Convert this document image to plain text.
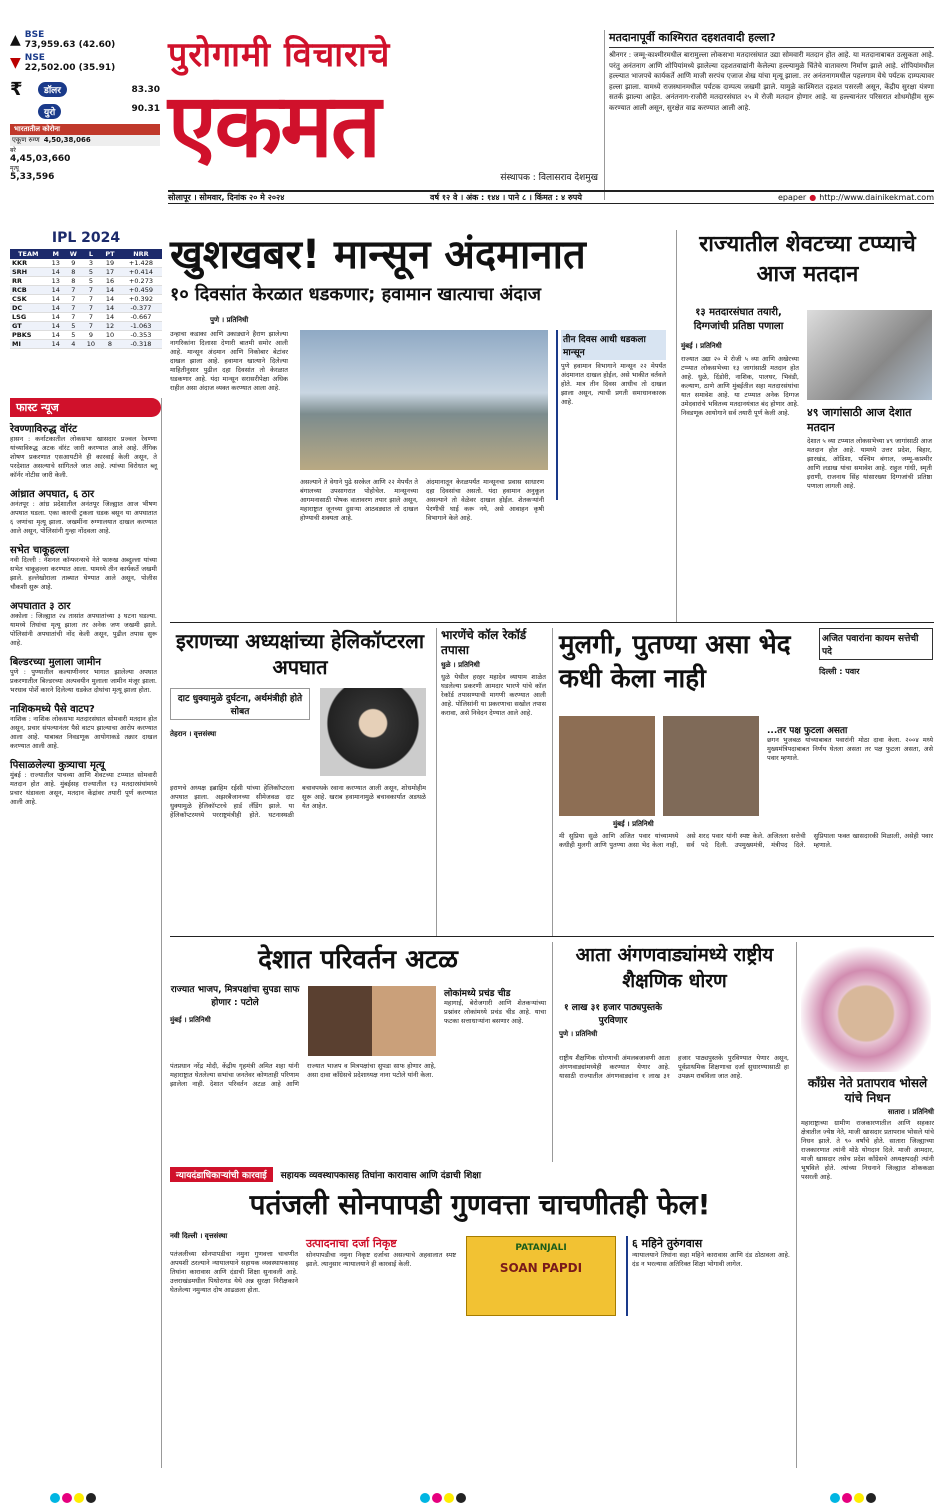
▲ BSE
73,959.63 (42.60)
▼ NSE
22,502.00 (35.91)
₹	डॉलर	83.30
युरो	90.31
भारतातील कोरोना
एकूण रुग्ण 4,50,38,066
बरे
4,45,03,660
मृत्यू
5,33,596
पुरोगामी विचाराचे
एकमत
संस्थापक : विलासराव देशमुख
मतदानापूर्वी काश्मिरात दहशतवादी हल्ला?
श्रीनगर : जम्मू-काश्मीरमधील बारामुल्ला लोकसभा मतदारसंघात उद्या सोमवारी मतदान होत आहे. या मतदानाबाबत उत्सुकता आहे. परंतु अनंतनाग आणि शोपियांमध्ये झालेल्या दहशतवाद्यांनी केलेल्या हल्ल्यामुळे चिंतेचे वातावरण निर्माण झाले आहे. शोपियांमधील हल्ल्यात भाजपचे कार्यकर्ते आणि माजी सरपंच एजाज शेख यांचा मृत्यू झाला. तर अनंतनागमधील पहलगाम येथे पर्यटक दाम्पत्यावर हल्ला झाला. यामध्ये राजस्थानमधील पर्यटक दाम्पत्य जखमी झाले. यामुळे काश्मिरात दहशत पसरली असून, केंद्रीय सुरक्षा यंत्रणा सतर्क झाल्या आहेत. अनंतनाग-राजौरी मतदारसंघात २५ मे रोजी मतदान होणार आहे. या हल्ल्यानंतर परिसरात शोधमोहीम सुरू करण्यात आली असून, सुरक्षेत वाढ करण्यात आली आहे.
सोलापूर । सोमवार, दिनांक २० मे २०२४	वर्ष १२ वे । अंक : १४४ । पाने ८ । किंमत : ४ रुपये	epaper ● http://www.dainikekmat.com
IPL 2024
TEAM	M	W	L	PT	NRR
KKR	13	9	3	19	+1.428
SRH	14	8	5	17	+0.414
RR	13	8	5	16	+0.273
RCB	14	7	7	14	+0.459
CSK	14	7	7	14	+0.392
DC	14	7	7	14	-0.377
LSG	14	7	7	14	-0.667
GT	14	5	7	12	-1.063
PBKS	14	5	9	10	-0.353
MI	14	4	10	8	-0.318
फास्ट न्यूज
रेवण्णाविरुद्ध वॉरंट
हासन : कर्नाटकातील लोकसभा खासदार प्रज्वल रेवण्णा यांच्याविरुद्ध अटक वॉरंट जारी करण्यात आले आहे. लैंगिक शोषण प्रकरणात एसआयटीने ही कारवाई केली असून, ते परदेशात असल्याचे सांगितले जात आहे. त्यांच्या विरोधात ब्लू कॉर्नर नोटीस जारी केली.
आंध्रात अपघात, ६ ठार
अनंतपूर : आंध्र प्रदेशातील अनंतपूर जिल्ह्यात आज भीषण अपघात घडला. एका कारची ट्रकला धडक बसून या अपघातात ६ जणांचा मृत्यू झाला. जखमींना रुग्णालयात दाखल करण्यात आले असून, पोलिसांनी गुन्हा नोंदवला आहे.
सभेत चाकूहल्ला
नवी दिल्ली : नॅशनल कॉन्फरन्सचे नेते फारुख अब्दुल्ला यांच्या सभेत चाकूहल्ला करण्यात आला. यामध्ये तीन कार्यकर्ते जखमी झाले. हल्लेखोराला ताब्यात घेण्यात आले असून, पोलीस चौकशी सुरू आहे.
अपघातात ३ ठार
अकोला : जिल्ह्यात २४ तासांत अपघातांच्या ३ घटना घडल्या. यामध्ये तिघांचा मृत्यू झाला तर अनेक जण जखमी झाले. पोलिसांनी अपघातांची नोंद केली असून, पुढील तपास सुरू आहे.
बिल्डरच्या मुलाला जामीन
पुणे : पुण्यातील कल्याणीनगर भागात झालेल्या अपघात प्रकरणातील बिल्डरच्या अल्पवयीन मुलाला जामीन मंजूर झाला. भरधाव पोर्शे कारने दिलेल्या धडकेत दोघांचा मृत्यू झाला होता.
नाशिकमध्ये पैसे वाटप?
नाशिक : नाशिक लोकसभा मतदारसंघात सोमवारी मतदान होत असून, प्रचार संपल्यानंतर पैसे वाटप झाल्याचा आरोप करण्यात आला आहे. याबाबत निवडणूक आयोगाकडे तक्रार दाखल करण्यात आली आहे.
पिसाळलेल्या कुत्र्याचा मृत्यू
मुंबई : राज्यातील पाचव्या आणि शेवटच्या टप्प्यात सोमवारी मतदान होत आहे. मुंबईसह राज्यातील १३ मतदारसंघांमध्ये प्रचार थंडावला असून, मतदान केंद्रांवर तयारी पूर्ण करण्यात आली आहे.
खुशखबर! मान्सून अंदमानात
१० दिवसांत केरळात धडकणार; हवामान खात्याचा अंदाज
पुणे । प्रतिनिधी
उन्हाचा कडाका आणि उकाड्याने हैराण झालेल्या नागरिकांना दिलासा देणारी बातमी समोर आली आहे. मान्सून अंदमान आणि निकोबार बेटांवर दाखल झाला आहे. हवामान खात्याने दिलेल्या माहितीनुसार पुढील दहा दिवसांत तो केरळात धडकणार आहे. यंदा मान्सून सरासरीपेक्षा अधिक राहील असा अंदाज व्यक्त करण्यात आला आहे.
असल्याने ते वेगाने पुढे सरकेल आणि २२ मेपर्यंत ते बंगालच्या उपसागरात पोहोचेल. मान्सूनच्या आगमनासाठी पोषक वातावरण तयार झाले असून, महाराष्ट्रात जूनच्या दुसऱ्या आठवड्यात तो दाखल होण्याची शक्यता आहे.
अंदमानातून केरळपर्यंत मान्सूनचा प्रवास साधारण दहा दिवसांचा असतो. यंदा हवामान अनुकूल असल्याने तो वेळेवर दाखल होईल. शेतकऱ्यांनी पेरणीची घाई करू नये, असे आवाहन कृषी विभागाने केले आहे.
तीन दिवस आधी धडकला मान्सून
पुणे हवामान विभागाने मान्सून २२ मेपर्यंत अंदमानात दाखल होईल, असे भाकीत वर्तवले होते. मात्र तीन दिवस आधीच तो दाखल झाला असून, त्याची प्रगती समाधानकारक आहे.
राज्यातील शेवटच्या टप्प्याचे आज मतदान
१३ मतदारसंघात तयारी, दिग्गजांची प्रतिष्ठा पणाला
मुंबई । प्रतिनिधी
राज्यात उद्या २० मे रोजी ५ व्या आणि अखेरच्या टप्प्यात लोकसभेच्या १३ जागांसाठी मतदान होत आहे. धुळे, दिंडोरी, नाशिक, पालघर, भिवंडी, कल्याण, ठाणे आणि मुंबईतील सहा मतदारसंघांचा यात समावेश आहे. या टप्प्यात अनेक दिग्गज उमेदवारांचे भवितव्य मतदानयंत्रात बंद होणार आहे. निवडणूक आयोगाने सर्व तयारी पूर्ण केली आहे.	४९ जागांसाठी आज देशात मतदान
देशात ५ व्या टप्प्यात लोकसभेच्या ४९ जागांसाठी आज मतदान होत आहे. यामध्ये उत्तर प्रदेश, बिहार, झारखंड, ओडिशा, पश्चिम बंगाल, जम्मू-काश्मीर आणि लडाख यांचा समावेश आहे. राहुल गांधी, स्मृती इराणी, राजनाथ सिंह यांसारख्या दिग्गजांची प्रतिष्ठा पणाला लागली आहे.
इराणच्या अध्यक्षांच्या हेलिकॉप्टरला अपघात
दाट धुक्यामुळे दुर्घटना, अर्थमंत्रीही होते सोबत
तेहरान । वृत्तसंस्था
इराणचे अध्यक्ष इब्राहिम रईसी यांच्या हेलिकॉप्टरला अपघात झाला. अझरबैजानच्या सीमेजवळ दाट धुक्यामुळे हेलिकॉप्टरचे हार्ड लँडिंग झाले. या हेलिकॉप्टरमध्ये परराष्ट्रमंत्रीही होते. घटनास्थळी बचावपथके रवाना करण्यात आली असून, शोधमोहीम सुरू आहे. खराब हवामानामुळे बचावकार्यात अडथळे येत आहेत.
भारणेंचे कॉल रेकॉर्ड तपासा
धुळे । प्रतिनिधी
धुळे येथील हरहर महादेव व्यायाम शाळेत घडलेल्या प्रकरणी आमदार भारणे यांचे कॉल रेकॉर्ड तपासण्याची मागणी करण्यात आली आहे. पोलिसांनी या प्रकरणाचा सखोल तपास करावा, असे निवेदन देण्यात आले आहे.
मुलगी, पुतण्या असा भेद कधी केला नाही
अजित पवारांना कायम सत्तेची पदे
दिल्ली : पवार
...तर पक्ष फुटला असता
छगन भुजबळ यांच्याबाबत पवारांनी मोठा दावा केला. २००४ मध्ये मुख्यमंत्रिपदाबाबत निर्णय घेतला असता तर पक्ष फुटला असता, असे पवार म्हणाले.
मुंबई । प्रतिनिधी
मी सुप्रिया सुळे आणि अजित पवार यांच्यामध्ये कधीही मुलगी आणि पुतण्या असा भेद केला नाही, असे शरद पवार यांनी स्पष्ट केले. अजितला सत्तेची सर्व पदे दिली. उपमुख्यमंत्री, मंत्रीपद दिले. सुप्रियाला फक्त खासदारकी मिळाली, असेही पवार म्हणाले.
देशात परिवर्तन अटळ
राज्यात भाजप, मित्रपक्षांचा सुपडा साफ होणार : पटोले
मुंबई । प्रतिनिधी
पंतप्रधान नरेंद्र मोदी, केंद्रीय गृहमंत्री अमित शहा यांनी महाराष्ट्रात घेतलेल्या सभांचा जनतेवर कोणताही परिणाम झालेला नाही. देशात परिवर्तन अटळ आहे आणि राज्यात भाजप व मित्रपक्षांचा सुपडा साफ होणार आहे, असा दावा काँग्रेसचे प्रदेशाध्यक्ष नाना पटोले यांनी केला.
लोकांमध्ये प्रचंड चीड
महागाई, बेरोजगारी आणि शेतकऱ्यांच्या प्रश्नांवर लोकांमध्ये प्रचंड चीड आहे. याचा फटका सत्ताधाऱ्यांना बसणार आहे.
आता अंगणवाड्यांमध्ये राष्ट्रीय शैक्षणिक धोरण
१ लाख ३१ हजार पाठ्यपुस्तके पुरविणार
पुणे । प्रतिनिधी
राष्ट्रीय शैक्षणिक धोरणाची अंमलबजावणी आता अंगणवाड्यांमध्येही करण्यात येणार आहे. यासाठी राज्यातील अंगणवाड्यांना १ लाख ३१ हजार पाठ्यपुस्तके पुरविण्यात येणार असून, पूर्वप्राथमिक शिक्षणाचा दर्जा सुधारण्यासाठी हा उपक्रम राबविला जात आहे.	काँग्रेस नेते प्रतापराव भोसले यांचे निधन
सातारा । प्रतिनिधी
महाराष्ट्राच्या ग्रामीण राजकारणातील आणि सहकार क्षेत्रातील ज्येष्ठ नेते, माजी खासदार प्रतापराव भोसले यांचे निधन झाले. ते ९० वर्षांचे होते. सातारा जिल्ह्याच्या राजकारणात त्यांनी मोठे योगदान दिले. माजी आमदार, माजी खासदार तसेच प्रदेश काँग्रेसचे अध्यक्षपदही त्यांनी भूषविले होते. त्यांच्या निधनाने जिल्ह्यात शोककळा पसरली आहे.
न्यायदंडाधिकाऱ्यांची कारवाई	सहायक व्यवस्थापकासह तिघांना कारावास आणि दंडाची शिक्षा
पतंजली सोनपापडी गुणवत्ता चाचणीतही फेल!
नवी दिल्ली । वृत्तसंस्था
पतंजलीच्या सोनपापडीचा नमुना गुणवत्ता चाचणीत अपयशी ठरल्याने न्यायालयाने सहायक व्यवस्थापकासह तिघांना कारावास आणि दंडाची शिक्षा सुनावली आहे. उत्तराखंडमधील पिथोरागड येथे अन्न सुरक्षा निरीक्षकाने घेतलेल्या नमुन्यात दोष आढळला होता.
उत्पादनाचा दर्जा निकृष्ट
सोनपापडीचा नमुना निकृष्ट दर्जाचा असल्याचे अहवालात स्पष्ट झाले. त्यानुसार न्यायालयाने ही कारवाई केली.
PATANJALI
SOAN PAPDI
६ महिने तुरुंगवास
न्यायालयाने तिघांना सहा महिने कारावास आणि दंड ठोठावला आहे. दंड न भरल्यास अतिरिक्त शिक्षा भोगावी लागेल.
